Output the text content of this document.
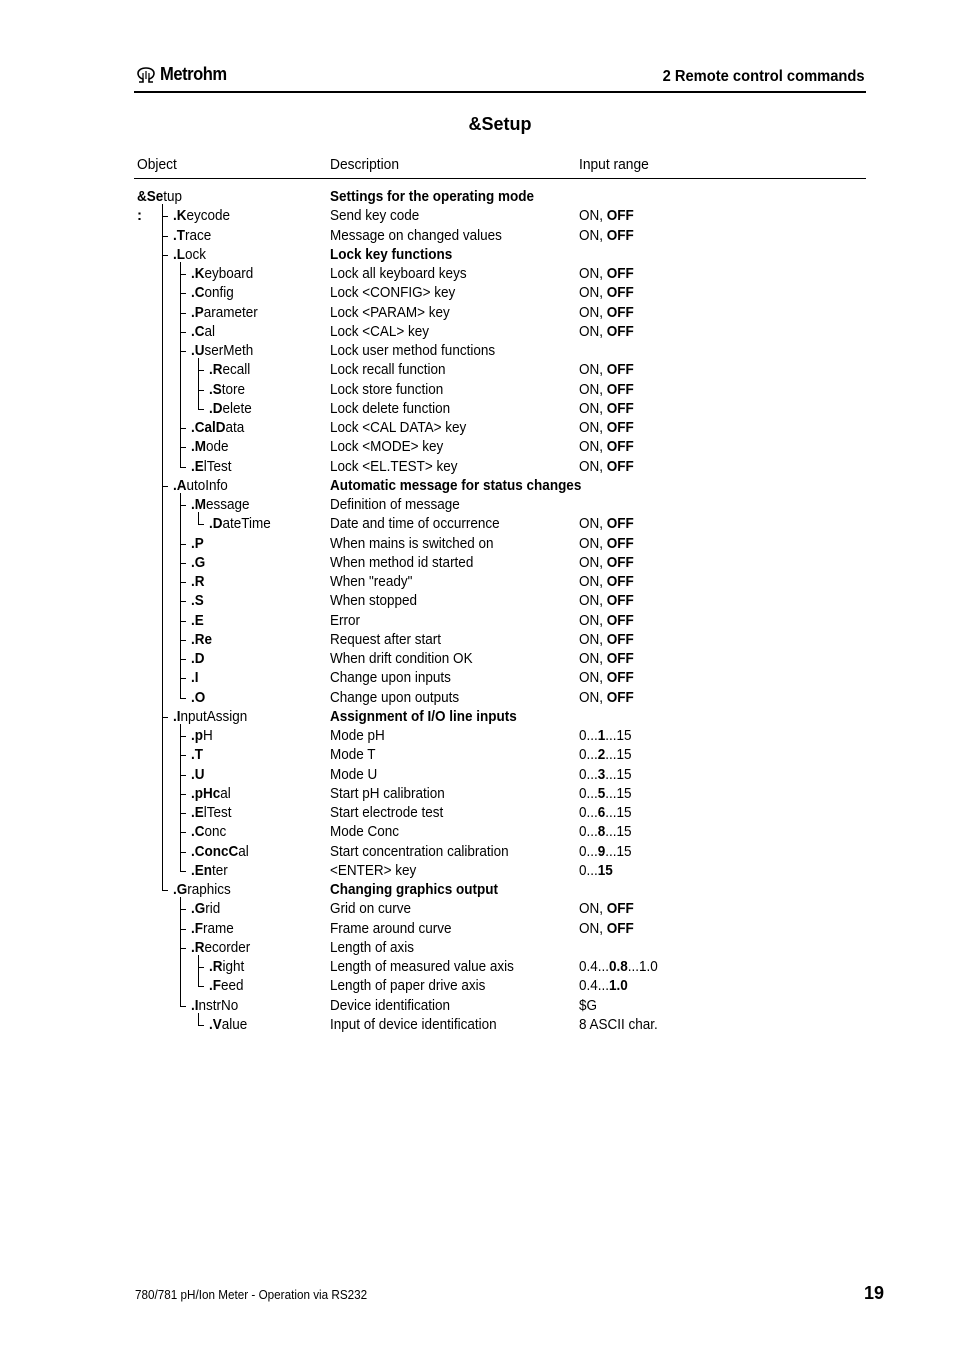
Metrohm	2 Remote control commands
&Setup
Object	Description	Input range
&Setup	Settings for the operating mode
.Keycode	Send key code	ON, OFF
.Trace	Message on changed values	ON, OFF
.Lock	Lock key functions
.Keyboard	Lock all keyboard keys	ON, OFF
.Config	Lock <CONFIG> key	ON, OFF
.Parameter	Lock <PARAM> key	ON, OFF
.Cal	Lock <CAL> key	ON, OFF
.UserMeth	Lock user method functions
.Recall	Lock recall function	ON, OFF
.Store	Lock store function	ON, OFF
.Delete	Lock delete function	ON, OFF
.CalData	Lock <CAL DATA> key	ON, OFF
.Mode	Lock <MODE> key	ON, OFF
.ElTest	Lock <EL.TEST> key	ON, OFF
.AutoInfo	Automatic message for status changes
.Message	Definition of message
.DateTime	Date and time of occurrence	ON, OFF
.P	When mains is switched on	ON, OFF
.G	When method id started	ON, OFF
.R	When "ready"	ON, OFF
.S	When stopped	ON, OFF
.E	Error	ON, OFF
.Re	Request after start	ON, OFF
.D	When drift condition OK	ON, OFF
.I	Change upon inputs	ON, OFF
.O	Change upon outputs	ON, OFF
.InputAssign	Assignment of I/O line inputs
.pH	Mode pH	0...1...15
.T	Mode T	0...2...15
.U	Mode U	0...3...15
.pHcal	Start pH calibration	0...5...15
.ElTest	Start electrode test	0...6...15
.Conc	Mode Conc	0...8...15
.ConcCal	Start concentration calibration	0...9...15
.Enter	<ENTER> key	0...15
.Graphics	Changing graphics output
.Grid	Grid on curve	ON, OFF
.Frame	Frame around curve	ON, OFF
.Recorder	Length of axis
.Right	Length of measured value axis	0.4...0.8...1.0
.Feed	Length of paper drive axis	0.4...1.0
.InstrNo	Device identification	$G
.Value	Input of device identification	8 ASCII char.
:
780/781 pH/Ion Meter - Operation via RS232	19
